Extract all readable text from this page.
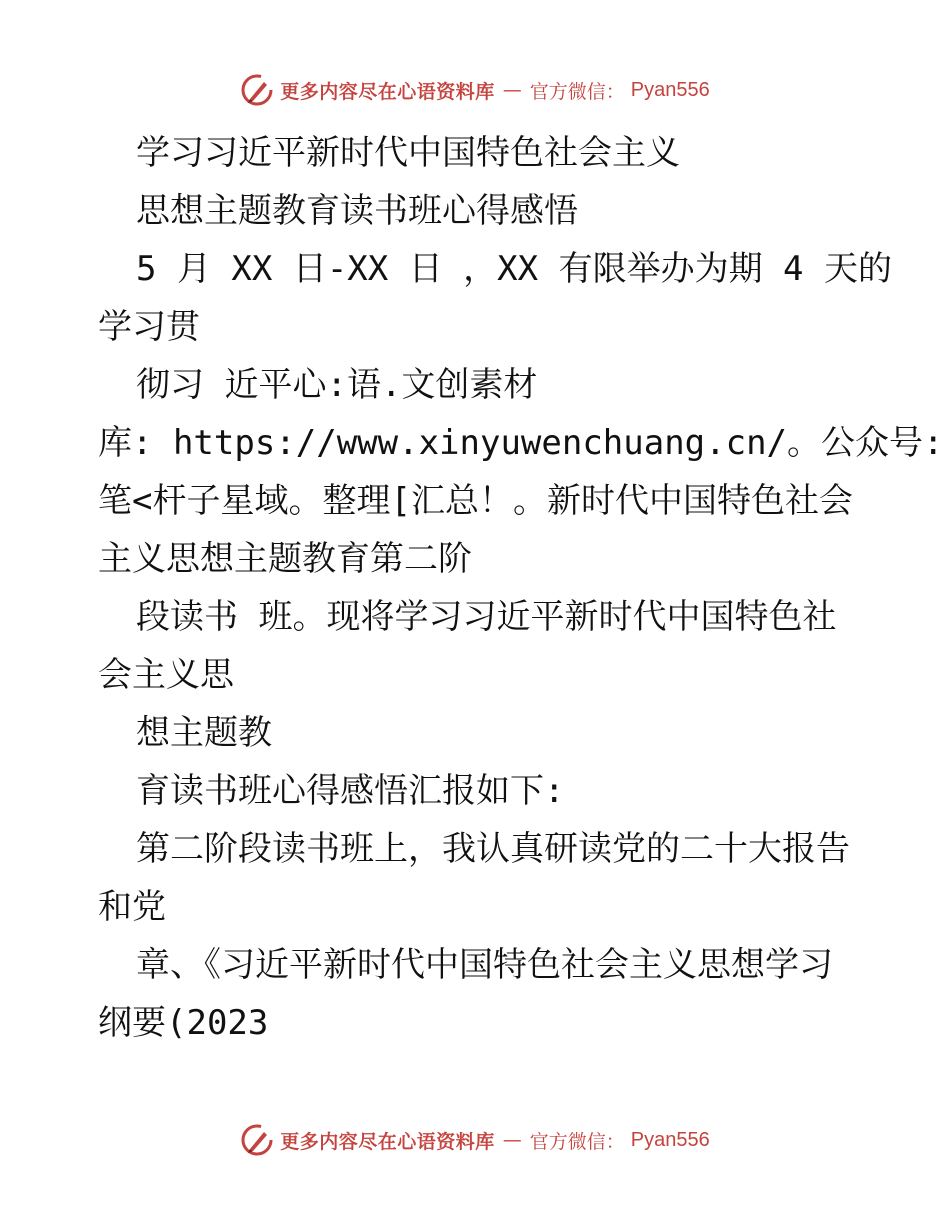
更多内容尽在心语资料库 — 官方微信： Pyan556
学习习近平新时代中国特色社会主义
思想主题教育读书班心得感悟
5 月 XX 日-XX 日 ，XX 有限举办为期 4 天的
学习贯
彻习 近平心:语.文创素材
库: https://www.xinyuwenchuang.cn/。公众号:
笔<杆子星域。整理[汇总！。新时代中国特色社会
主义思想主题教育第二阶
段读书 班。现将学习习近平新时代中国特色社
会主义思
想主题教
育读书班心得感悟汇报如下:
第二阶段读书班上，我认真研读党的二十大报告
和党
章、《习近平新时代中国特色社会主义思想学习
纲要(2023
更多内容尽在心语资料库 — 官方微信： Pyan556
